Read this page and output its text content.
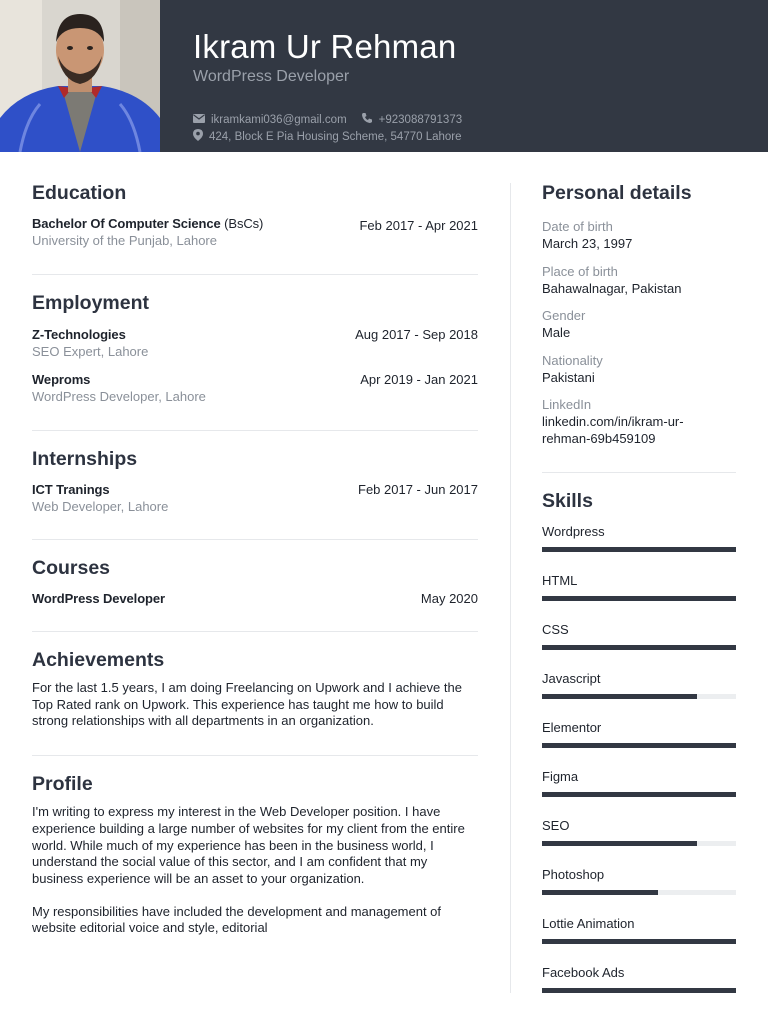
Ikram Ur Rehman
WordPress Developer
ikramkami036@gmail.com	+923088791373
424, Block E Pia Housing Scheme, 54770 Lahore
Education
Bachelor Of Computer Science (BsCs)
University of the Punjab, Lahore
Feb 2017 - Apr 2021
Employment
Z-Technologies
SEO Expert, Lahore
Aug 2017 - Sep 2018
Weproms
WordPress Developer, Lahore
Apr 2019 - Jan 2021
Internships
ICT Tranings
Web Developer, Lahore
Feb 2017 - Jun 2017
Courses
WordPress Developer	May 2020
Achievements

For the last 1.5 years, I am doing Freelancing on Upwork and I achieve the Top Rated rank on Upwork. This experience has taught me how to build strong relationships with all departments in an organization.

Profile

I'm writing to express my interest in the Web Developer position. I have experience building a large number of websites for my client from the entire world. While much of my experience has been in the business world, I understand the social value of this sector, and I am confident that my business experience will be an asset to your organization.

My responsibilities have included the development and management of website editorial voice and style, editorial

Personal details
Date of birth
March 23, 1997
Place of birth
Bahawalnagar, Pakistan
Gender
Male
Nationality
Pakistani
LinkedIn
linkedin.com/in/ikram-ur-rehman-69b459109
Skills
Wordpress
HTML
CSS
Javascript
Elementor
Figma
SEO
Photoshop
Lottie Animation
Facebook Ads
